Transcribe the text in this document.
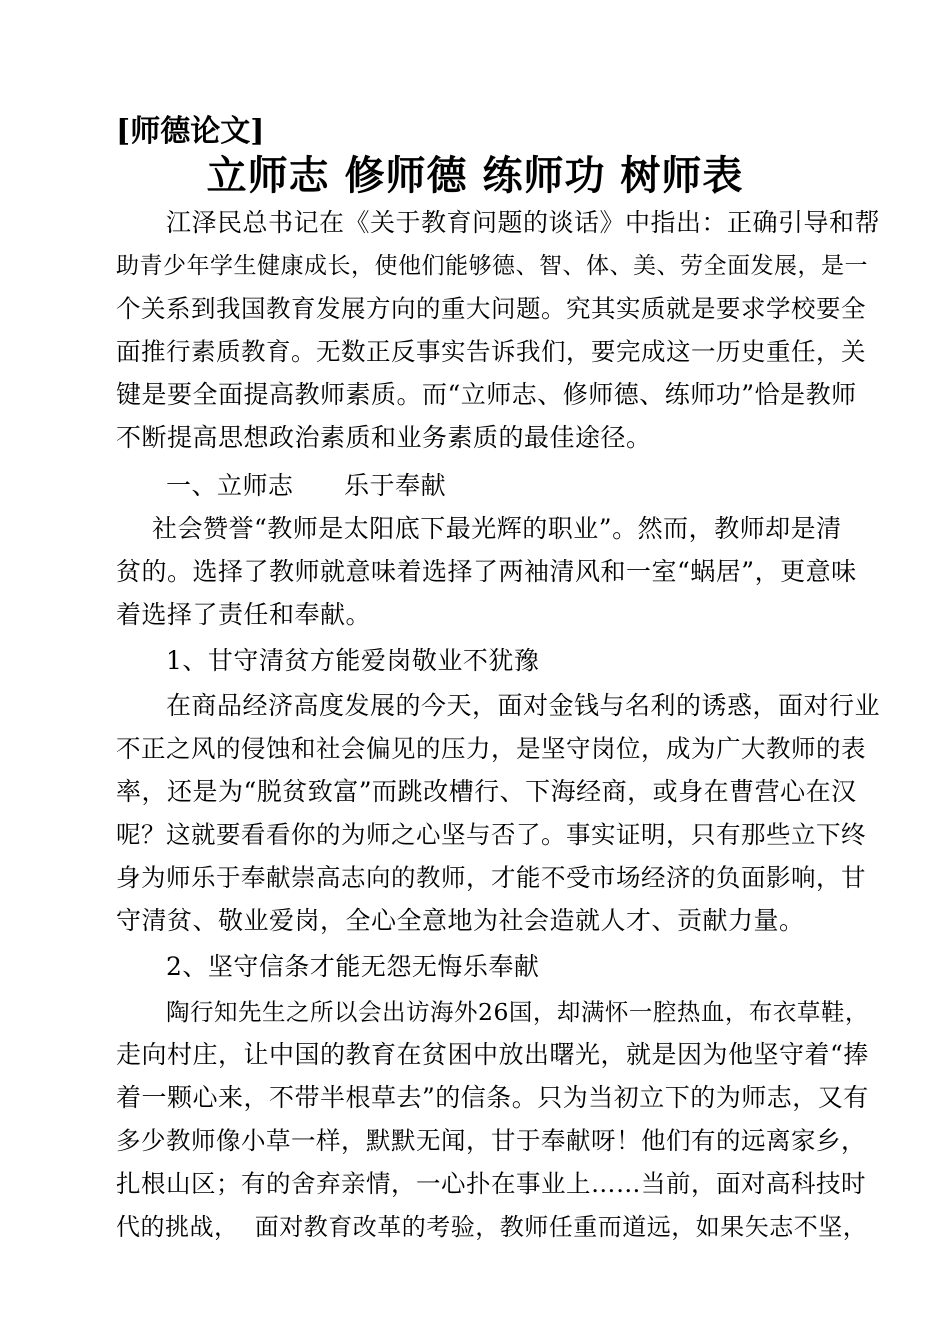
[师德论文]
立师志 修师德 练师功 树师表
江泽民总书记在《关于教育问题的谈话》中指出：正确引导和帮
助青少年学生健康成长，使他们能够德、智、体、美、劳全面发展，是一
个关系到我国教育发展方向的重大问题。究其实质就是要求学校要全
面推行素质教育。无数正反事实告诉我们，要完成这一历史重任，关
键是要全面提高教师素质。而“立师志、修师德、练师功”恰是教师
不断提高思想政治素质和业务素质的最佳途径。
一、立师志      乐于奉献
社会赞誉“教师是太阳底下最光辉的职业”。然而，教师却是清
贫的。选择了教师就意味着选择了两袖清风和一室“蜗居”，更意味
着选择了责任和奉献。
1、甘守清贫方能爱岗敬业不犹豫
在商品经济高度发展的今天，面对金钱与名利的诱惑，面对行业
不正之风的侵蚀和社会偏见的压力，是坚守岗位，成为广大教师的表
率，还是为“脱贫致富”而跳改槽行、下海经商，或身在曹营心在汉
呢？这就要看看你的为师之心坚与否了。事实证明，只有那些立下终
身为师乐于奉献崇高志向的教师，才能不受市场经济的负面影响，甘
守清贫、敬业爱岗，全心全意地为社会造就人才、贡献力量。
2、坚守信条才能无怨无悔乐奉献
陶行知先生之所以会出访海外26国，却满怀一腔热血，布衣草鞋，
走向村庄，让中国的教育在贫困中放出曙光，就是因为他坚守着“捧
着一颗心来，不带半根草去”的信条。只为当初立下的为师志，又有
多少教师像小草一样，默默无闻，甘于奉献呀！他们有的远离家乡，
扎根山区；有的舍弃亲情，一心扑在事业上……当前，面对高科技时
代的挑战，  面对教育改革的考验，教师任重而道远，如果矢志不坚，
